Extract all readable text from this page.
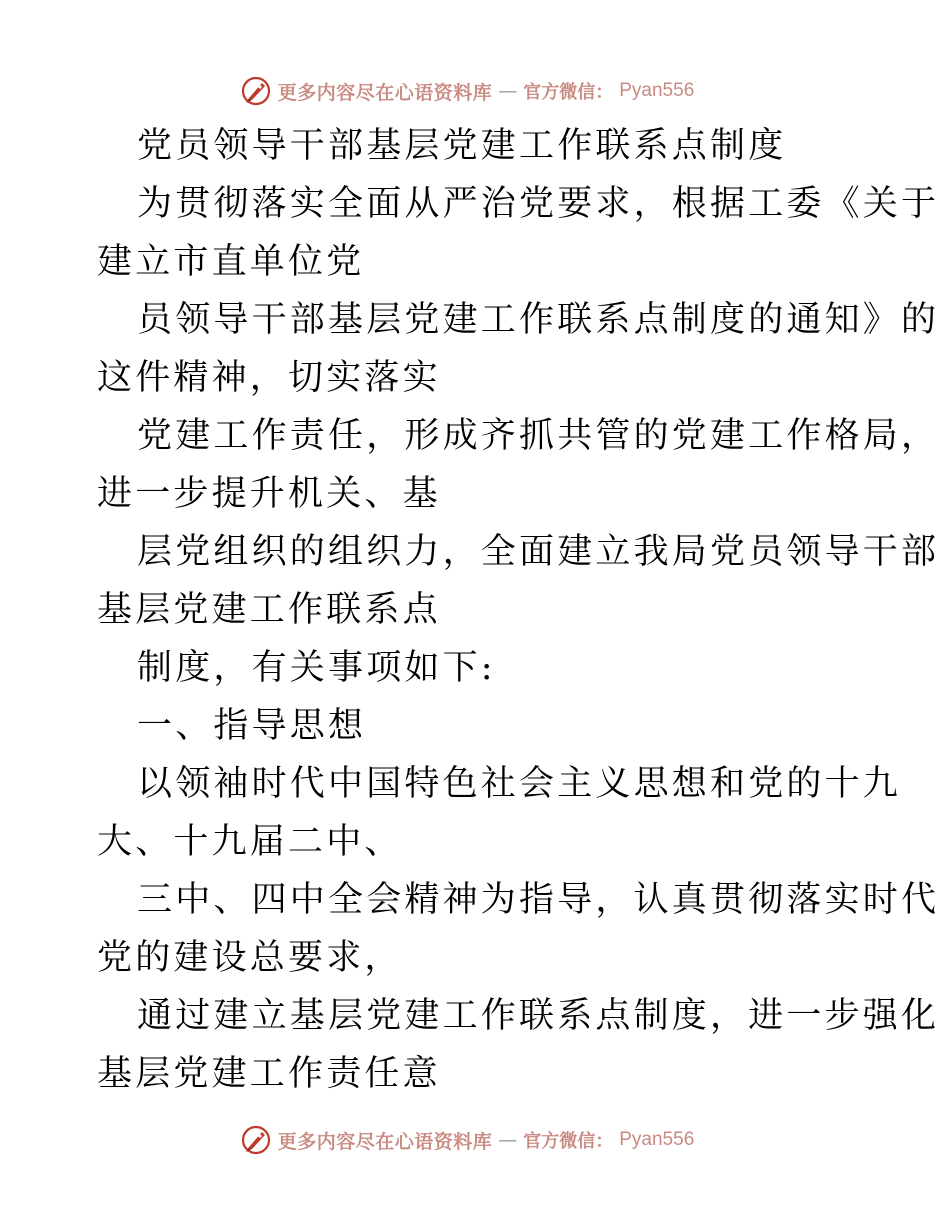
更多内容尽在心语资料库 — 官方微信： Pyan556
党员领导干部基层党建工作联系点制度
为贯彻落实全面从严治党要求，根据工委《关于
建立市直单位党
员领导干部基层党建工作联系点制度的通知》的
这件精神，切实落实
党建工作责任，形成齐抓共管的党建工作格局，
进一步提升机关、基
层党组织的组织力，全面建立我局党员领导干部
基层党建工作联系点
制度，有关事项如下:
一、指导思想
以领袖时代中国特色社会主义思想和党的十九
大、十九届二中、
三中、四中全会精神为指导，认真贯彻落实时代
党的建设总要求，
通过建立基层党建工作联系点制度，进一步强化
基层党建工作责任意
更多内容尽在心语资料库 — 官方微信： Pyan556
